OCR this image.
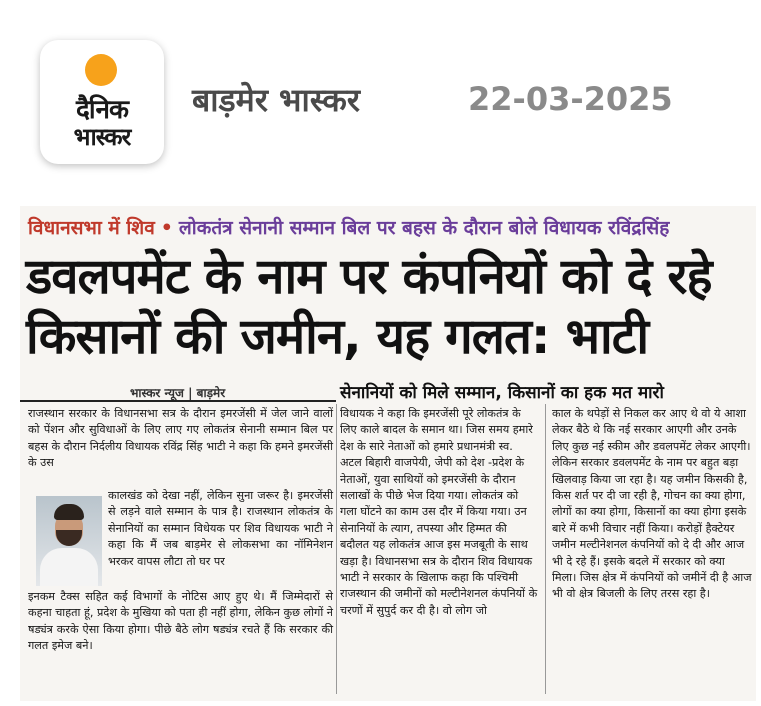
दैनिक
भास्कर
बाड़मेर भास्कर	22-03-2025
विधानसभा में शिव • लोकतंत्र सेनानी सम्मान बिल पर बहस के दौरान बोले विधायक रविंद्रसिंह
डवलपमेंट के नाम पर कंपनियों को दे रहे किसानों की जमीन, यह गलत: भाटी
भास्कर न्यूज | बाड़मेर	सेनानियों को मिले सम्मान, किसानों का हक मत मारो

राजस्थान सरकार के विधानसभा सत्र के दौरान इमरजेंसी में जेल जाने वालों को पेंशन और सुविधाओं के लिए लाए गए लोकतंत्र सेनानी सम्मान बिल पर बहस के दौरान निर्दलीय विधायक रविंद्र सिंह भाटी ने कहा कि हमने इमरजेंसी के उस

कालखंड को देखा नहीं, लेकिन सुना जरूर है। इमरजेंसी से लड़ने वाले सम्मान के पात्र है। राजस्थान लोकतंत्र के सेनानियों का सम्मान विधेयक पर शिव विधायक भाटी ने कहा कि मैं जब बाड़मेर से लोकसभा का नॉमिनेशन भरकर वापस लौटा तो घर पर

इनकम टैक्स सहित कई विभागों के नोटिस आए हुए थे। मैं जिम्मेदारों से कहना चाहता हूं, प्रदेश के मुखिया को पता ही नहीं होगा, लेकिन कुछ लोगों ने षड्यंत्र करके ऐसा किया होगा। पीछे बैठे लोग षड्यंत्र रचते हैं कि सरकार की गलत इमेज बने।

विधायक ने कहा कि इमरजेंसी पूरे लोकतंत्र के लिए काले बादल के समान था। जिस समय हमारे देश के सारे नेताओं को हमारे प्रधानमंत्री स्व. अटल बिहारी वाजपेयी, जेपी को देश -प्रदेश के नेताओं, युवा साथियों को इमरजेंसी के दौरान सलाखों के पीछे भेज दिया गया। लोकतंत्र को गला घोंटने का काम उस दौर में किया गया। उन सेनानियों के त्याग, तपस्या और हिम्मत की बदौलत यह लोकतंत्र आज इस मजबूती के साथ खड़ा है। विधानसभा सत्र के दौरान शिव विधायक भाटी ने सरकार के खिलाफ कहा कि पश्चिमी राजस्थान की जमीनों को मल्टीनेशनल कंपनियों के चरणों में सुपुर्द कर दी है। वो लोग जो

काल के थपेड़ों से निकल कर आए थे वो ये आशा लेकर बैठे थे कि नई सरकार आएगी और उनके लिए कुछ नई स्कीम और डवलपमेंट लेकर आएगी। लेकिन सरकार डवलपमेंट के नाम पर बहुत बड़ा खिलवाड़ किया जा रहा है। यह जमीन किसकी है, किस शर्त पर दी जा रही है, गोचन का क्या होगा, लोगों का क्या होगा, किसानों का क्या होगा इसके बारे में कभी विचार नहीं किया। करोड़ों हैक्टेयर जमीन मल्टीनेशनल कंपनियों को दे दी और आज भी दे रहे हैं। इसके बदले में सरकार को क्या मिला। जिस क्षेत्र में कंपनियों को जमीनें दी है आज भी वो क्षेत्र बिजली के लिए तरस रहा है।
